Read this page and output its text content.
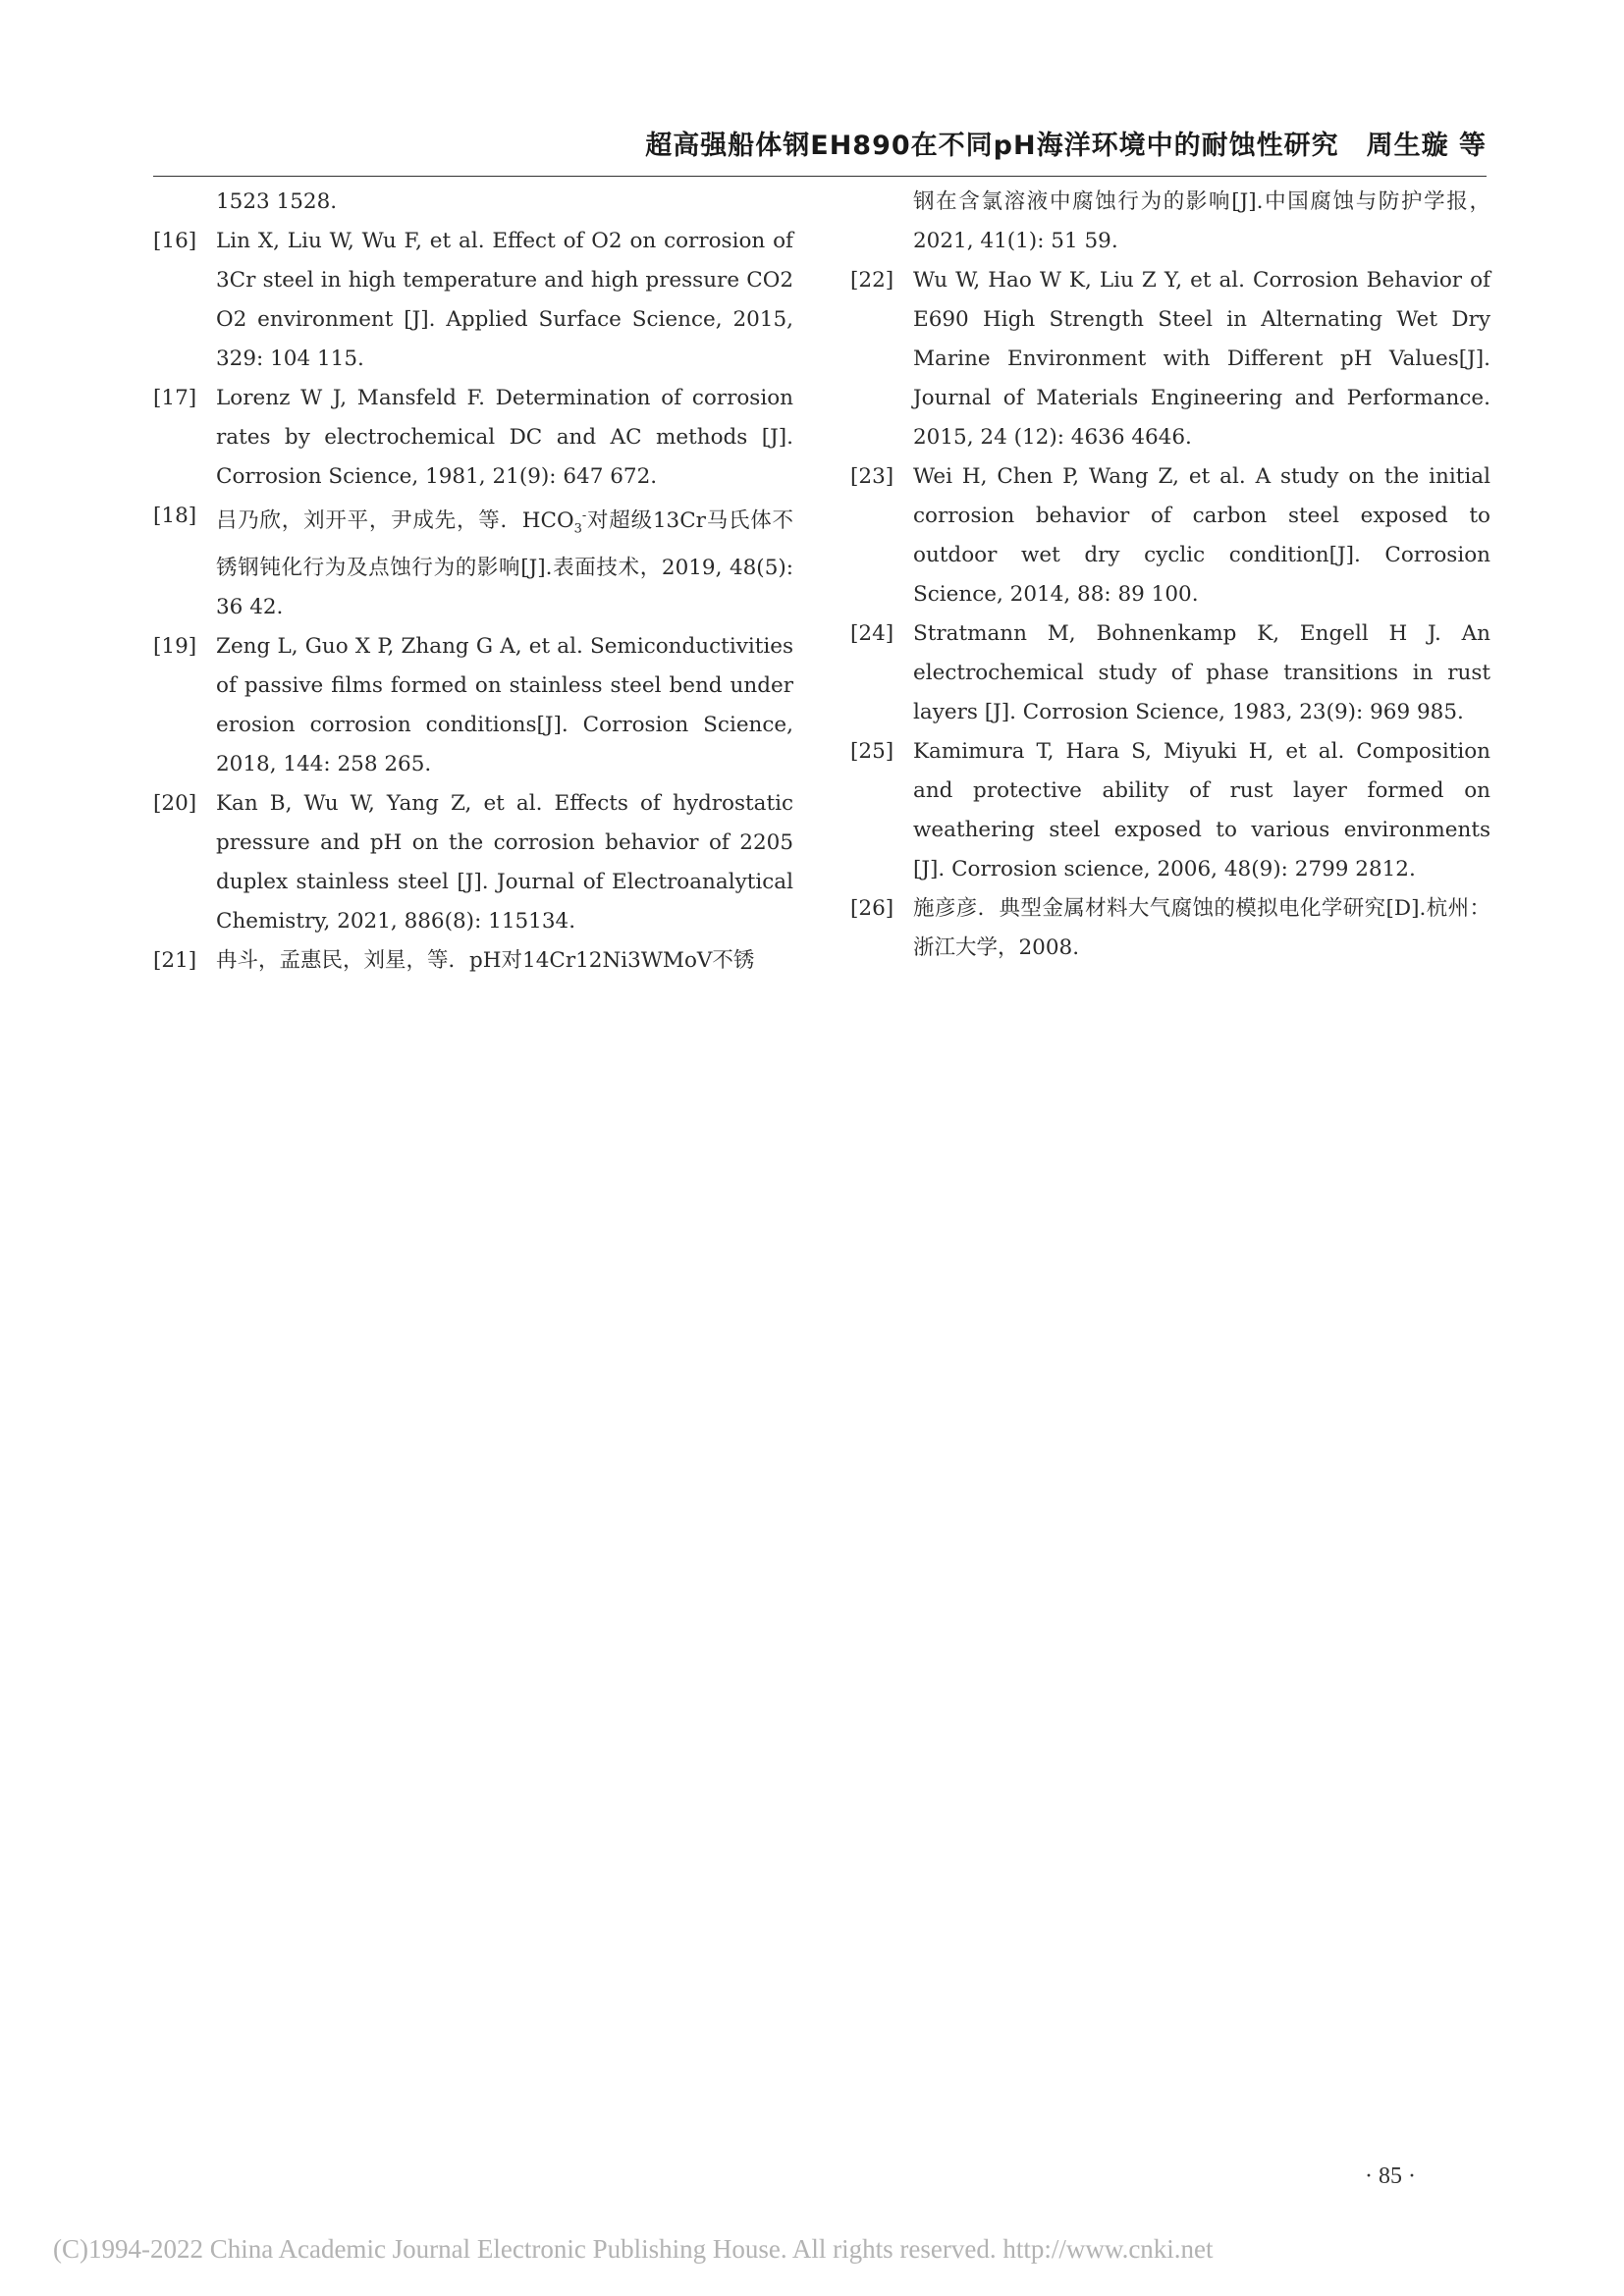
超高强船体钢EH890在不同pH海洋环境中的耐蚀性研究　周生璇 等
1523 1528.
[16] Lin X, Liu W, Wu F, et al. Effect of O2 on corrosion of 3Cr steel in high temperature and high pressure CO2 O2 environment [J]. Applied Surface Science, 2015, 329: 104 115.
[17] Lorenz W J, Mansfeld F. Determination of corrosion rates by electrochemical DC and AC methods [J]. Corrosion Science, 1981, 21(9): 647 672.
[18] 吕乃欣，刘开平，尹成先，等．$HCO_3^-$对超级13Cr马氏体不锈钢钝化行为及点蚀行为的影响[J].表面技术，2019, 48(5): 36 42.
[19] Zeng L, Guo X P, Zhang G A, et al. Semiconductivities of passive films formed on stainless steel bend under erosion corrosion conditions[J]. Corrosion Science, 2018, 144: 258 265.
[20] Kan B, Wu W, Yang Z, et al. Effects of hydrostatic pressure and pH on the corrosion behavior of 2205 duplex stainless steel [J]. Journal of Electroanalytical Chemistry, 2021, 886(8): 115134.
[21] 冉斗，孟惠民，刘星，等．pH对14Cr12Ni3WMoV不锈
钢在含氯溶液中腐蚀行为的影响[J].中国腐蚀与防护学报，2021, 41(1): 51 59.
[22] Wu W, Hao W K, Liu Z Y, et al. Corrosion Behavior of E690 High Strength Steel in Alternating Wet Dry Marine Environment with Different pH Values[J]. Journal of Materials Engineering and Performance. 2015, 24 (12): 4636 4646.
[23] Wei H, Chen P, Wang Z, et al. A study on the initial corrosion behavior of carbon steel exposed to outdoor wet dry cyclic condition[J]. Corrosion Science, 2014, 88: 89 100.
[24] Stratmann M, Bohnenkamp K, Engell H J. An electrochemical study of phase transitions in rust layers [J]. Corrosion Science, 1983, 23(9): 969 985.
[25] Kamimura T, Hara S, Miyuki H, et al. Composition and protective ability of rust layer formed on weathering steel exposed to various environments [J]. Corrosion science, 2006, 48(9): 2799 2812.
[26] 施彦彦．典型金属材料大气腐蚀的模拟电化学研究[D].杭州：浙江大学，2008.
· 85 ·
(C)1994-2022 China Academic Journal Electronic Publishing House. All rights reserved. http://www.cnki.net
